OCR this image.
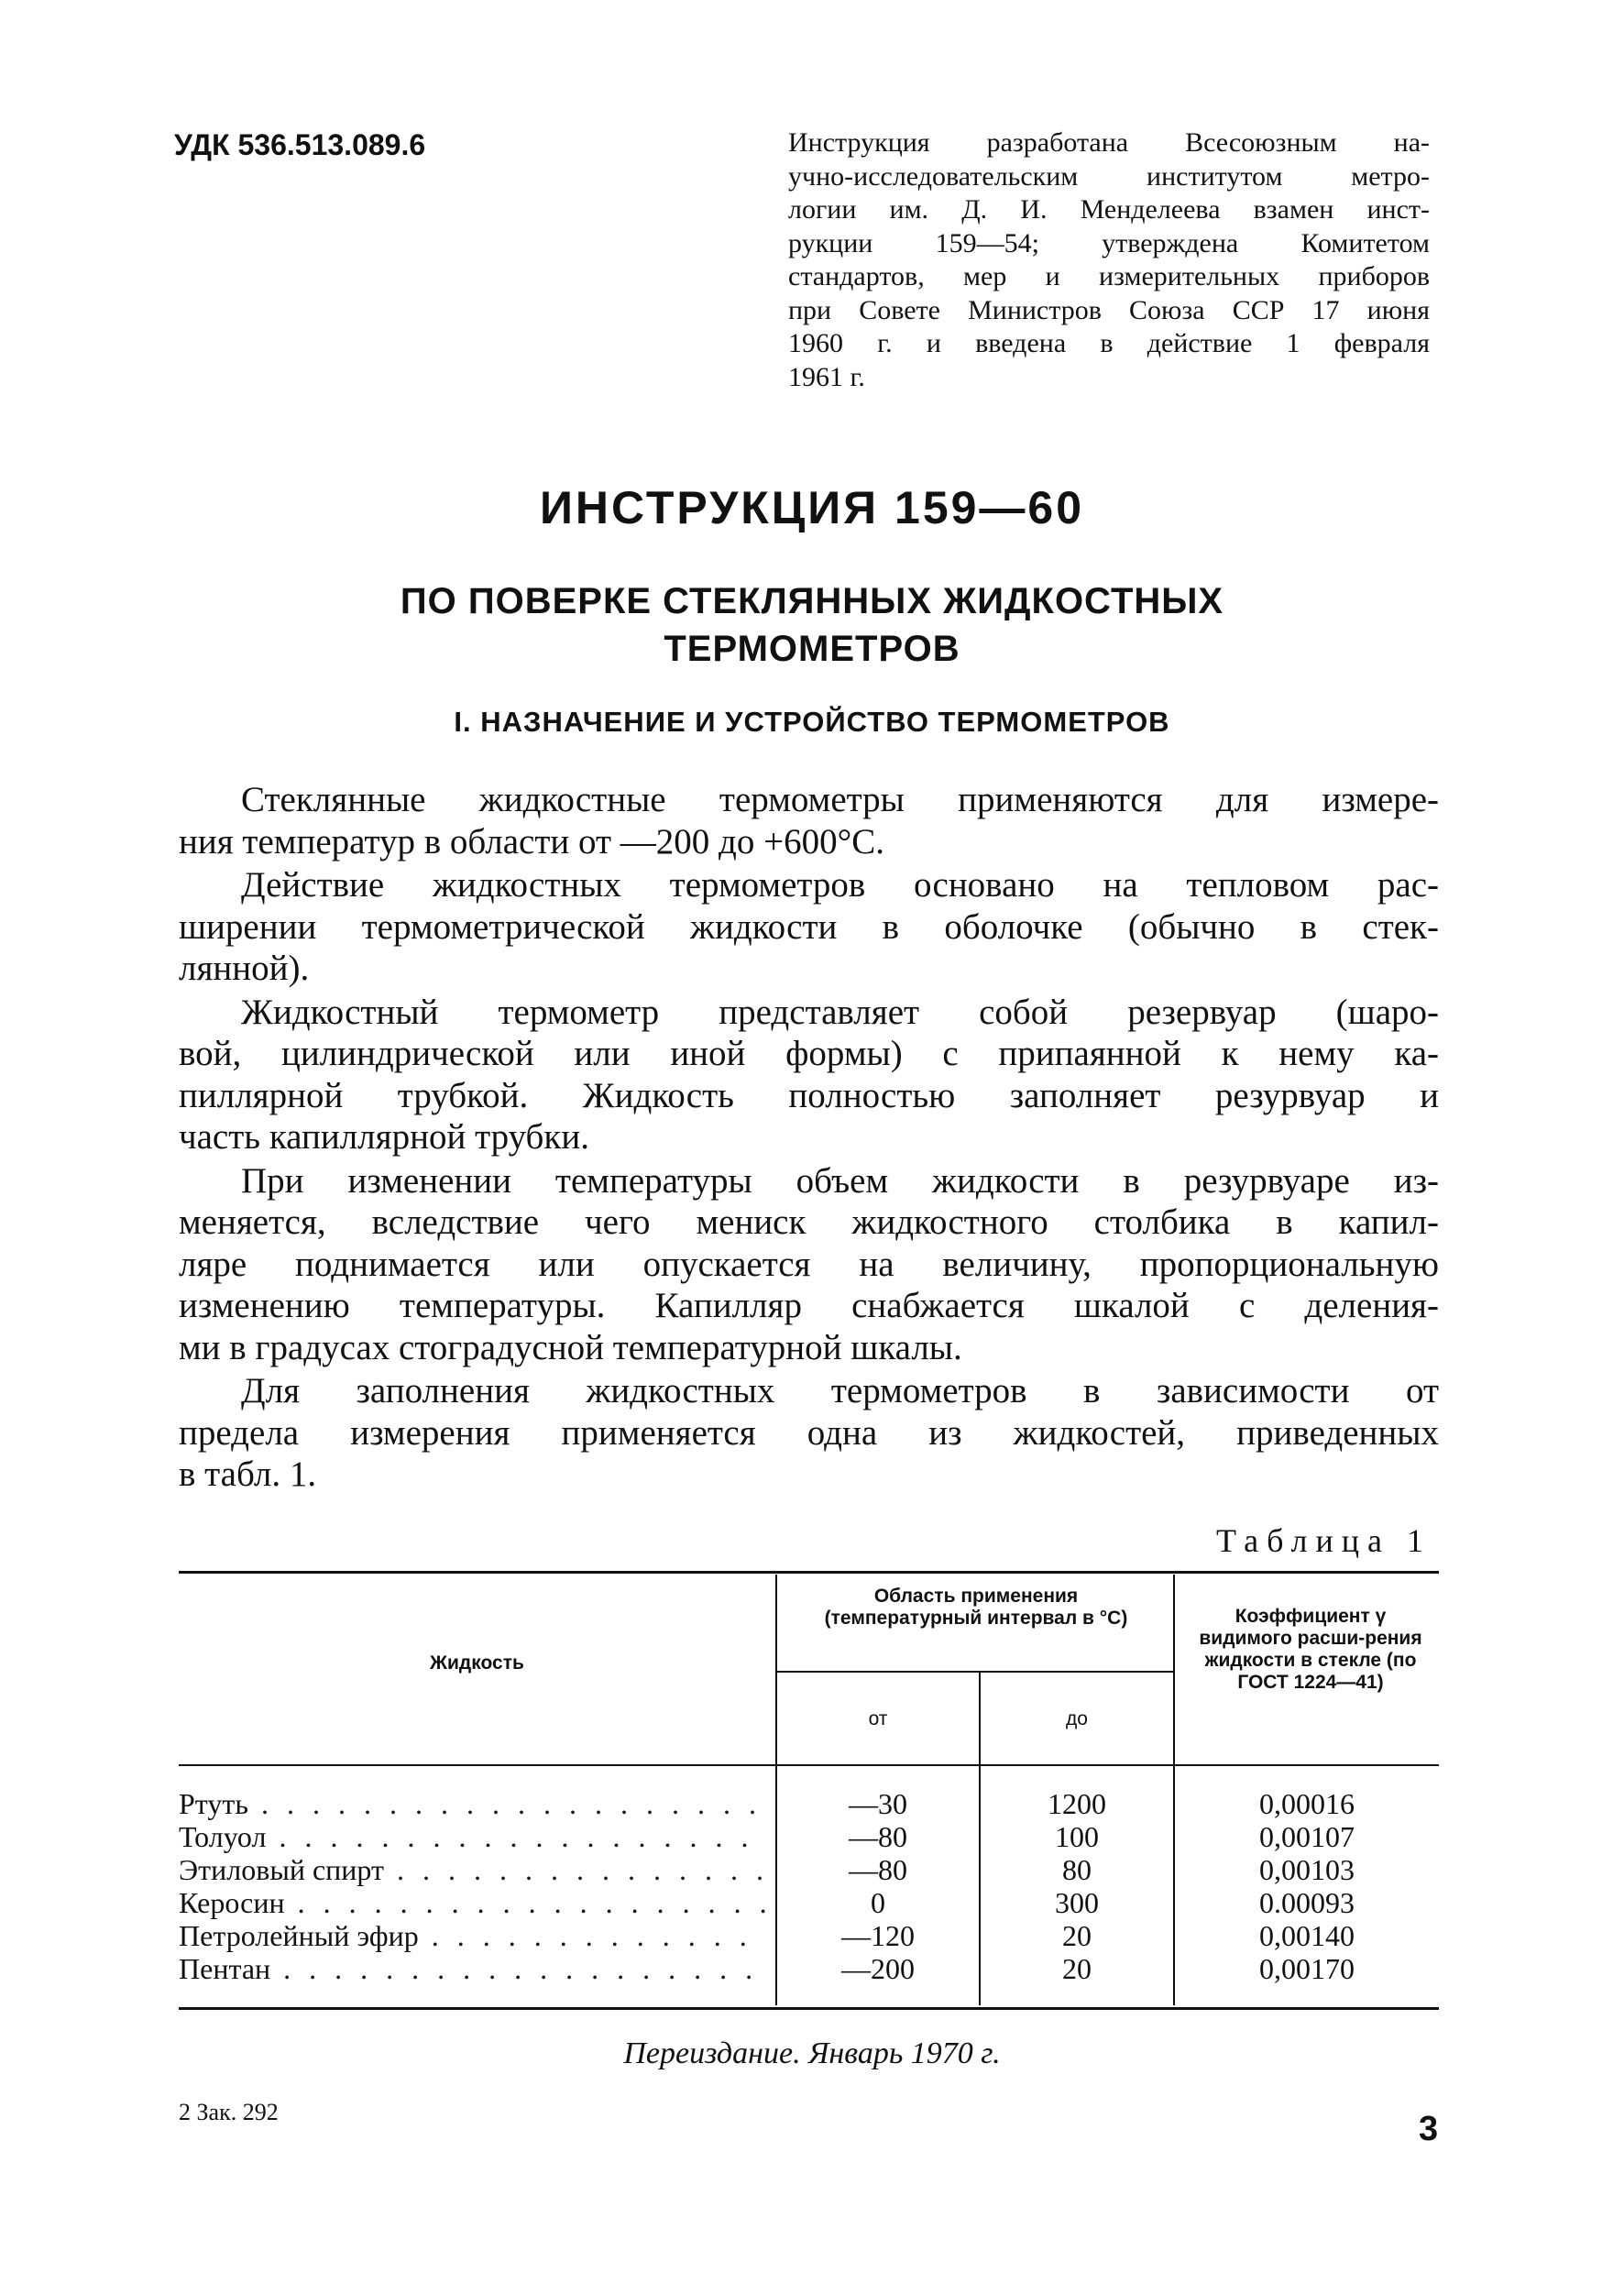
УДК 536.513.089.6	Инструкция разработана Всесоюзным на-
учно-исследовательским институтом метро-
логии им. Д. И. Менделеева взамен инст-
рукции 159—54; утверждена Комитетом
стандартов, мер и измерительных приборов
при Совете Министров Союза ССР 17 июня
1960 г. и введена в действие 1 февраля
1961 г.
ИНСТРУКЦИЯ 159—60
ПО ПОВЕРКЕ СТЕКЛЯННЫХ ЖИДКОСТНЫХ
ТЕРМОМЕТРОВ
I. НАЗНАЧЕНИЕ И УСТРОЙСТВО ТЕРМОМЕТРОВ

Стеклянные жидкостные термометры применяются для измере-
ния температур в области от —200 до +600°С.

Действие жидкостных термометров основано на тепловом рас-
ширении термометрической жидкости в оболочке (обычно в стек-
лянной).

Жидкостный термометр представляет собой резервуар (шаро-
вой, цилиндрической или иной формы) с припаянной к нему ка-
пиллярной трубкой. Жидкость полностью заполняет резурвуар и
часть капиллярной трубки.

При изменении температуры объем жидкости в резурвуаре из-
меняется, вследствие чего мениск жидкостного столбика в капил-
ляре поднимается или опускается на величину, пропорциональную
изменению температуры. Капилляр снабжается шкалой с деления-
ми в градусах стоградусной температурной шкалы.

Для заполнения жидкостных термометров в зависимости от
предела измерения применяется одна из жидкостей, приведенных
в табл. 1.

Таблица 1
Жидкость
Область применения (температурный интервал в °С)
от	до
Коэффициент γ видимого расши-рения жидкости в стекле (по ГОСТ 1224—41)
Ртуть . . .	—30	1200	0,00016
Толуол . . .	—80	100	0,00107
Этиловый спирт . . .	—80	80	0,00103
Керосин . . .	0	300	0.00093
Петролейный эфир . . .	—120	20	0,00140
Пентан . . .	—200	20	0,00170
Переиздание. Январь 1970 г.
2 Зак. 292	3
